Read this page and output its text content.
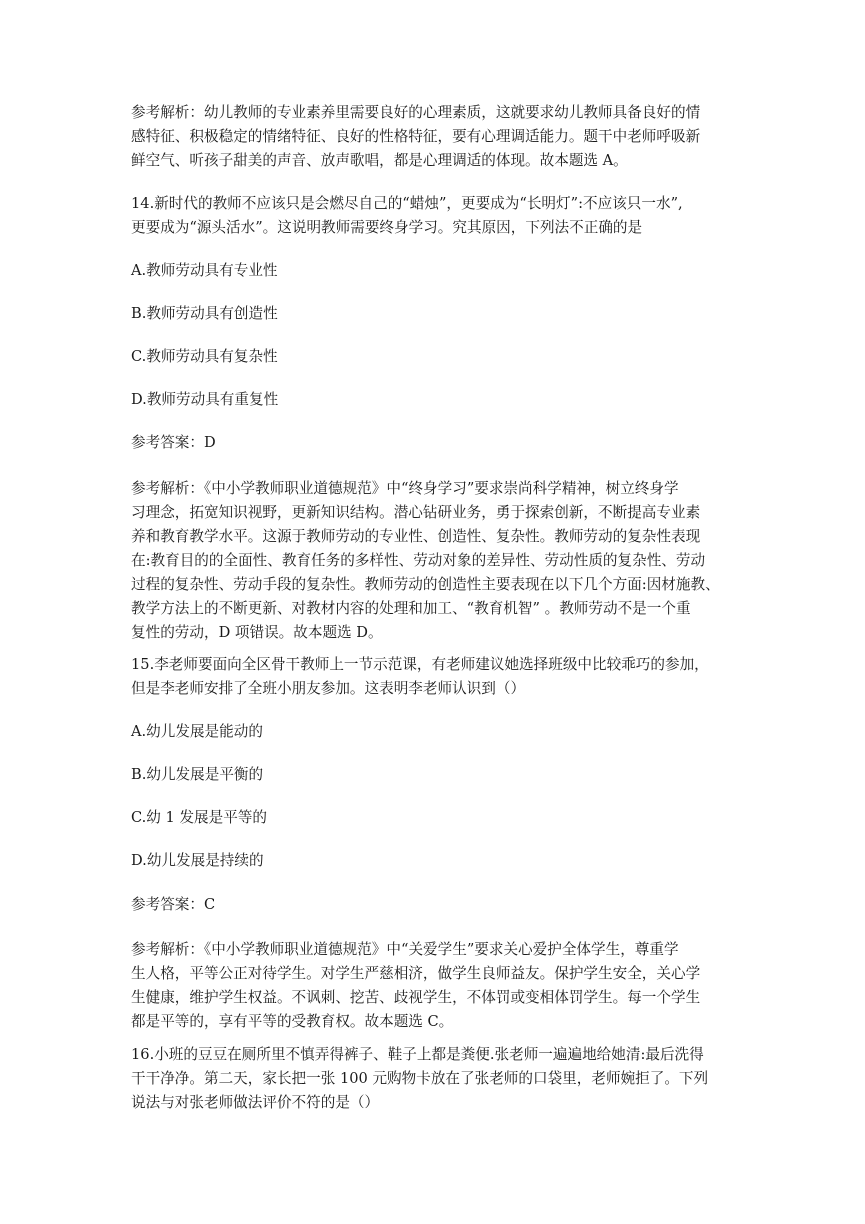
参考解析：幼儿教师的专业素养里需要良好的心理素质，这就要求幼儿教师具备良好的情
感特征、积极稳定的情绪特征、良好的性格特征，要有心理调适能力。题干中老师呼吸新
鲜空气、听孩子甜美的声音、放声歌唱，都是心理调适的体现。故本题选 A。
14.新时代的教师不应该只是会燃尽自己的“蜡烛”，更要成为“长明灯”:不应该只一水”,
更要成为“源头活水”。这说明教师需要终身学习。究其原因，下列法不正确的是
A.教师劳动具有专业性
B.教师劳动具有创造性
C.教师劳动具有复杂性
D.教师劳动具有重复性
参考答案：D
参考解析：《中小学教师职业道德规范》中“终身学习”要求崇尚科学精神，树立终身学
习理念，拓宽知识视野，更新知识结构。潜心钻研业务，勇于探索创新，不断提高专业素
养和教育教学水平。这源于教师劳动的专业性、创造性、复杂性。教师劳动的复杂性表现
在:教育目的的全面性、教育任务的多样性、劳动对象的差异性、劳动性质的复杂性、劳动
过程的复杂性、劳动手段的复杂性。教师劳动的创造性主要表现在以下几个方面:因材施教、
教学方法上的不断更新、对教材内容的处理和加工、“教育机智” 。教师劳动不是一个重
复性的劳动，D 项错误。故本题选 D。
15.李老师要面向全区骨干教师上一节示范课，有老师建议她选择班级中比较乖巧的参加，
但是李老师安排了全班小朋友参加。这表明李老师认识到（）
A.幼儿发展是能动的
B.幼儿发展是平衡的
C.幼 1 发展是平等的
D.幼儿发展是持续的
参考答案：C
参考解析：《中小学教师职业道德规范》中“关爱学生”要求关心爱护全体学生，尊重学
生人格，平等公正对待学生。对学生严慈相济，做学生良师益友。保护学生安全，关心学
生健康，维护学生权益。不讽刺、挖苦、歧视学生，不体罚或变相体罚学生。每一个学生
都是平等的，享有平等的受教育权。故本题选 C。
16.小班的豆豆在厕所里不慎弄得裤子、鞋子上都是粪便.张老师一遍遍地给她清:最后洗得
干干净净。第二天，家长把一张 100 元购物卡放在了张老师的口袋里，老师婉拒了。下列
说法与对张老师做法评价不符的是（）
